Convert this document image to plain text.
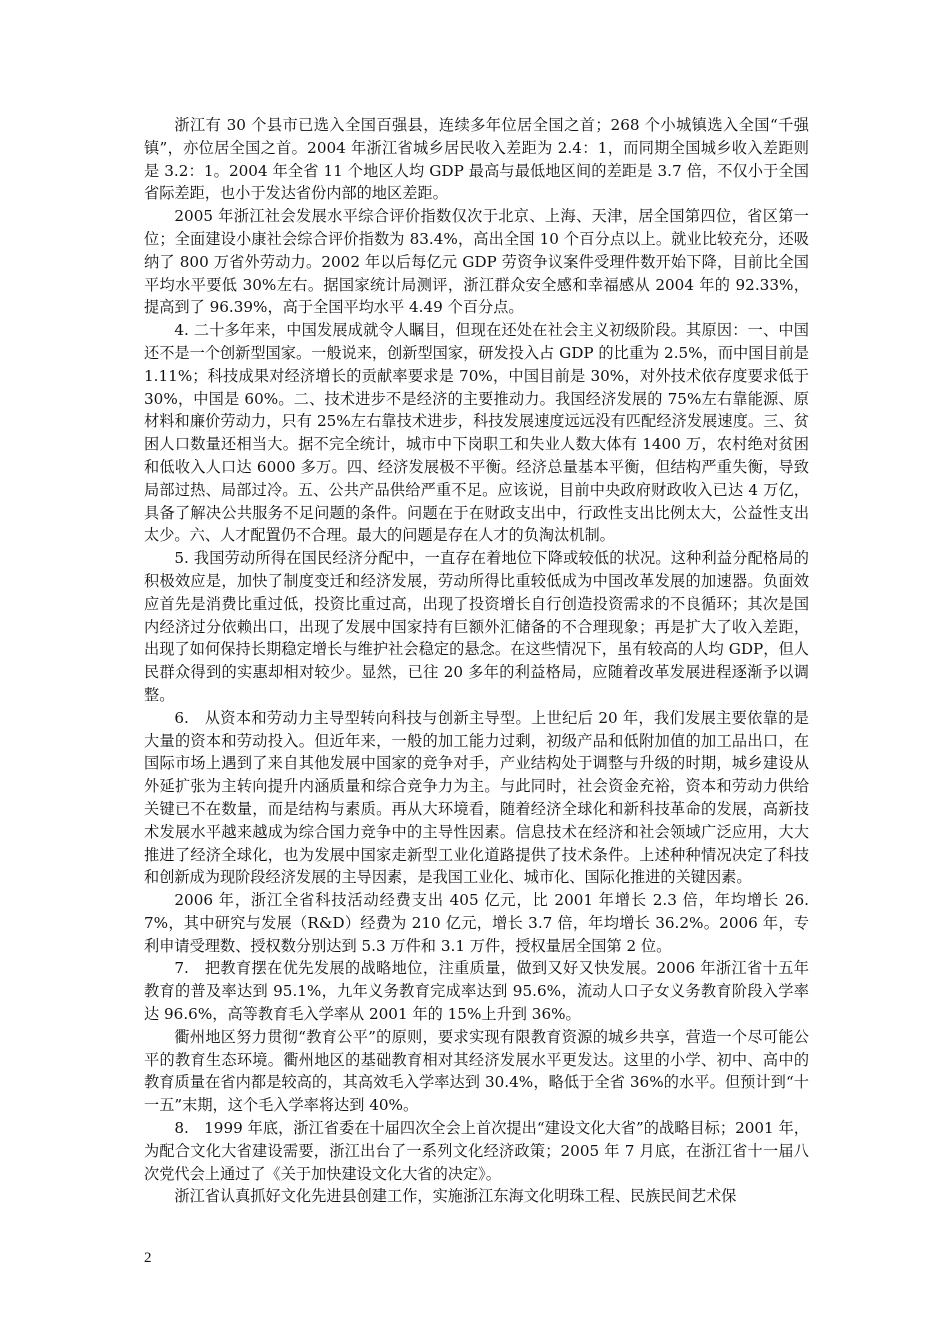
浙江有 30 个县市已选入全国百强县，连续多年位居全国之首；268 个小城镇选入全国“千强镇”，亦位居全国之首。2004 年浙江省城乡居民收入差距为 2.4：1，而同期全国城乡收入差距则是 3.2：1。2004 年全省 11 个地区人均 GDP 最高与最低地区间的差距是 3.7 倍，不仅小于全国省际差距，也小于发达省份内部的地区差距。

2005 年浙江社会发展水平综合评价指数仅次于北京、上海、天津，居全国第四位，省区第一位；全面建设小康社会综合评价指数为 83.4%，高出全国 10 个百分点以上。就业比较充分，还吸纳了 800 万省外劳动力。2002 年以后每亿元 GDP 劳资争议案件受理件数开始下降，目前比全国平均水平要低 30%左右。据国家统计局测评，浙江群众安全感和幸福感从 2004 年的 92.33%，提高到了 96.39%，高于全国平均水平 4.49 个百分点。

4. 二十多年来，中国发展成就令人瞩目，但现在还处在社会主义初级阶段。其原因：一、中国还不是一个创新型国家。一般说来，创新型国家，研发投入占 GDP 的比重为 2.5%，而中国目前是 1.11%；科技成果对经济增长的贡献率要求是 70%，中国目前是 30%，对外技术依存度要求低于 30%，中国是 60%。二、技术进步不是经济的主要推动力。我国经济发展的 75%左右靠能源、原材料和廉价劳动力，只有 25%左右靠技术进步，科技发展速度远远没有匹配经济发展速度。三、贫困人口数量还相当大。据不完全统计，城市中下岗职工和失业人数大体有 1400 万，农村绝对贫困和低收入人口达 6000 多万。四、经济发展极不平衡。经济总量基本平衡，但结构严重失衡，导致局部过热、局部过冷。五、公共产品供给严重不足。应该说，目前中央政府财政收入已达 4 万亿，具备了解决公共服务不足问题的条件。问题在于在财政支出中，行政性支出比例太大，公益性支出太少。六、人才配置仍不合理。最大的问题是存在人才的负淘汰机制。

5. 我国劳动所得在国民经济分配中，一直存在着地位下降或较低的状况。这种利益分配格局的积极效应是，加快了制度变迁和经济发展，劳动所得比重较低成为中国改革发展的加速器。负面效应首先是消费比重过低，投资比重过高，出现了投资增长自行创造投资需求的不良循环；其次是国内经济过分依赖出口，出现了发展中国家持有巨额外汇储备的不合理现象；再是扩大了收入差距，出现了如何保持长期稳定增长与维护社会稳定的悬念。在这些情况下，虽有较高的人均 GDP，但人民群众得到的实惠却相对较少。显然，已往 20 多年的利益格局，应随着改革发展进程逐渐予以调整。

6.　从资本和劳动力主导型转向科技与创新主导型。上世纪后 20 年，我们发展主要依靠的是大量的资本和劳动投入。但近年来，一般的加工能力过剩，初级产品和低附加值的加工品出口，在国际市场上遇到了来自其他发展中国家的竞争对手，产业结构处于调整与升级的时期，城乡建设从外延扩张为主转向提升内涵质量和综合竞争力为主。与此同时，社会资金充裕，资本和劳动力供给关键已不在数量，而是结构与素质。再从大环境看，随着经济全球化和新科技革命的发展，高新技术发展水平越来越成为综合国力竞争中的主导性因素。信息技术在经济和社会领域广泛应用，大大推进了经济全球化，也为发展中国家走新型工业化道路提供了技术条件。上述种种情况决定了科技和创新成为现阶段经济发展的主导因素，是我国工业化、城市化、国际化推进的关键因素。

2006 年，浙江全省科技活动经费支出 405 亿元，比 2001 年增长 2.3 倍，年均增长 26.7%，其中研究与发展（R&D）经费为 210 亿元，增长 3.7 倍，年均增长 36.2%。2006 年，专利申请受理数、授权数分别达到 5.3 万件和 3.1 万件，授权量居全国第 2 位。

7.　把教育摆在优先发展的战略地位，注重质量，做到又好又快发展。2006 年浙江省十五年教育的普及率达到 95.1%，九年义务教育完成率达到 95.6%，流动人口子女义务教育阶段入学率达 96.6%，高等教育毛入学率从 2001 年的 15%上升到 36%。

衢州地区努力贯彻“教育公平”的原则，要求实现有限教育资源的城乡共享，营造一个尽可能公平的教育生态环境。衢州地区的基础教育相对其经济发展水平更发达。这里的小学、初中、高中的教育质量在省内都是较高的，其高效毛入学率达到 30.4%，略低于全省 36%的水平。但预计到“十一五”末期，这个毛入学率将达到 40%。

8.　1999 年底，浙江省委在十届四次全会上首次提出“建设文化大省”的战略目标；2001 年，为配合文化大省建设需要，浙江出台了一系列文化经济政策；2005 年 7 月底，在浙江省十一届八次党代会上通过了《关于加快建设文化大省的决定》。

浙江省认真抓好文化先进县创建工作，实施浙江东海文化明珠工程、民族民间艺术保

2
